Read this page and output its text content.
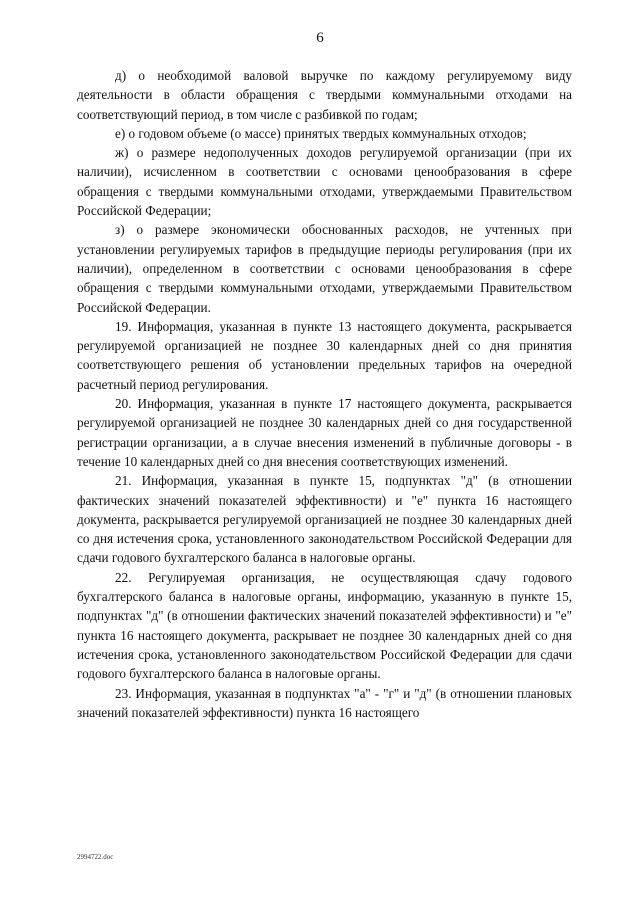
6

д) о необходимой валовой выручке по каждому регулируемому виду деятельности в области обращения с твердыми коммунальными отходами на соответствующий период, в том числе с разбивкой по годам;

е) о годовом объеме (о массе) принятых твердых коммунальных отходов;

ж) о размере недополученных доходов регулируемой организации (при их наличии), исчисленном в соответствии с основами ценообразования в сфере обращения с твердыми коммунальными отходами, утверждаемыми Правительством Российской Федерации;

з) о размере экономически обоснованных расходов, не учтенных при установлении регулируемых тарифов в предыдущие периоды регулирования (при их наличии), определенном в соответствии с основами ценообразования в сфере обращения с твердыми коммунальными отходами, утверждаемыми Правительством Российской Федерации.

19. Информация, указанная в пункте 13 настоящего документа, раскрывается регулируемой организацией не позднее 30 календарных дней со дня принятия соответствующего решения об установлении предельных тарифов на очередной расчетный период регулирования.

20. Информация, указанная в пункте 17 настоящего документа, раскрывается регулируемой организацией не позднее 30 календарных дней со дня государственной регистрации организации, а в случае внесения изменений в публичные договоры - в течение 10 календарных дней со дня внесения соответствующих изменений.

21. Информация, указанная в пункте 15, подпунктах "д" (в отношении фактических значений показателей эффективности) и "е" пункта 16 настоящего документа, раскрывается регулируемой организацией не позднее 30 календарных дней со дня истечения срока, установленного законодательством Российской Федерации для сдачи годового бухгалтерского баланса в налоговые органы.

22. Регулируемая организация, не осуществляющая сдачу годового бухгалтерского баланса в налоговые органы, информацию, указанную в пункте 15, подпунктах "д" (в отношении фактических значений показателей эффективности) и "е" пункта 16 настоящего документа, раскрывает не позднее 30 календарных дней со дня истечения срока, установленного законодательством Российской Федерации для сдачи годового бухгалтерского баланса в налоговые органы.

23. Информация, указанная в подпунктах "а" - "г" и "д" (в отношении плановых значений показателей эффективности) пункта 16 настоящего

2994722.doc
